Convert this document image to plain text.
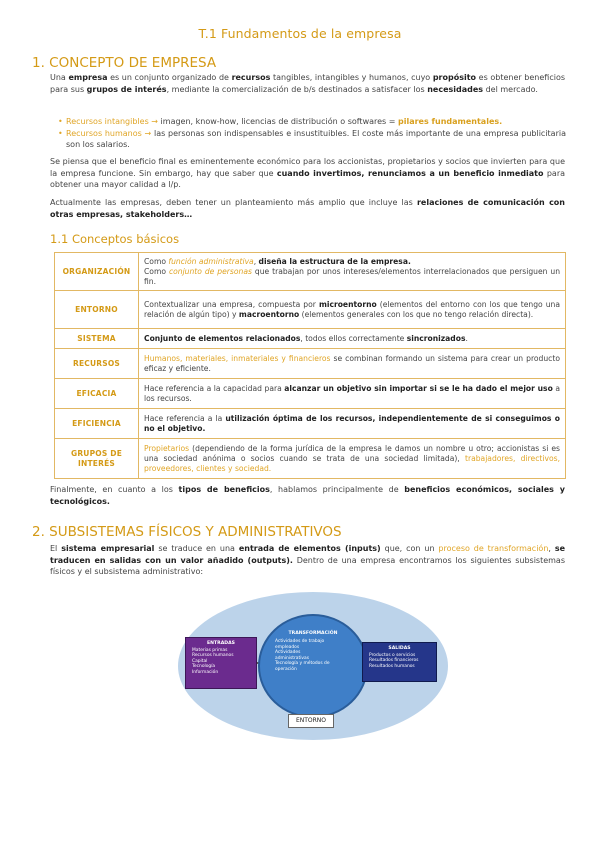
T.1 Fundamentos de la empresa
1. CONCEPTO DE EMPRESA

Una empresa es un conjunto organizado de recursos tangibles, intangibles y humanos, cuyo propósito es obtener beneficios para sus grupos de interés, mediante la comercialización de b/s destinados a satisfacer los necesidades del mercado.

• Recursos intangibles → imagen, know-how, licencias de distribución o softwares = pilares fundamentales.
• Recursos humanos → las personas son indispensables e insustituibles. El coste más importante de una empresa publicitaria son los salarios.

Se piensa que el beneficio final es eminentemente económico para los accionistas, propietarios y socios que invierten para que la empresa funcione. Sin embargo, hay que saber que cuando invertimos, renunciamos a un beneficio inmediato para obtener una mayor calidad a l/p.

Actualmente las empresas, deben tener un planteamiento más amplio que incluye las relaciones de comunicación con otras empresas, stakeholders…

1.1 Conceptos básicos
ORGANIZACIÓN	Como función administrativa, diseña la estructura de la empresa.
Como conjunto de personas que trabajan por unos intereses/elementos interrelacionados que persiguen un fin.
ENTORNO	Contextualizar una empresa, compuesta por microentorno (elementos del entorno con los que tengo una relación de algún tipo) y macroentorno (elementos generales con los que no tengo relación directa).
SISTEMA	Conjunto de elementos relacionados, todos ellos correctamente sincronizados.
RECURSOS	Humanos, materiales, inmateriales y financieros se combinan formando un sistema para crear un producto eficaz y eficiente.
EFICACIA	Hace referencia a la capacidad para alcanzar un objetivo sin importar si se le ha dado el mejor uso a los recursos.
EFICIENCIA	Hace referencia a la utilización óptima de los recursos, independientemente de si conseguimos o no el objetivo.
GRUPOS DE INTERÉS	Propietarios (dependiendo de la forma jurídica de la empresa le damos un nombre u otro; accionistas si es una sociedad anónima o socios cuando se trata de una sociedad limitada), trabajadores, directivos, proveedores, clientes y sociedad.

Finalmente, en cuanto a los tipos de beneficios, hablamos principalmente de beneficios económicos, sociales y tecnológicos.

2. SUBSISTEMAS FÍSICOS Y ADMINISTRATIVOS

El sistema empresarial se traduce en una entrada de elementos (inputs) que, con un proceso de transformación, se traducen en salidas con un valor añadido (outputs). Dentro de una empresa encontramos los siguientes subsistemas físicos y el subsistema administrativo:

ENTRADAS
Materias primas
Recursos humanos
Capital
Tecnología
Información
TRANSFORMACIÓN
Actividades de trabajo
empleados
Actividades
administrativas
Tecnología y métodos de
operación
SALIDAS
Productos o servicios
Resultados financieros
Resultados humanos
ENTORNO
